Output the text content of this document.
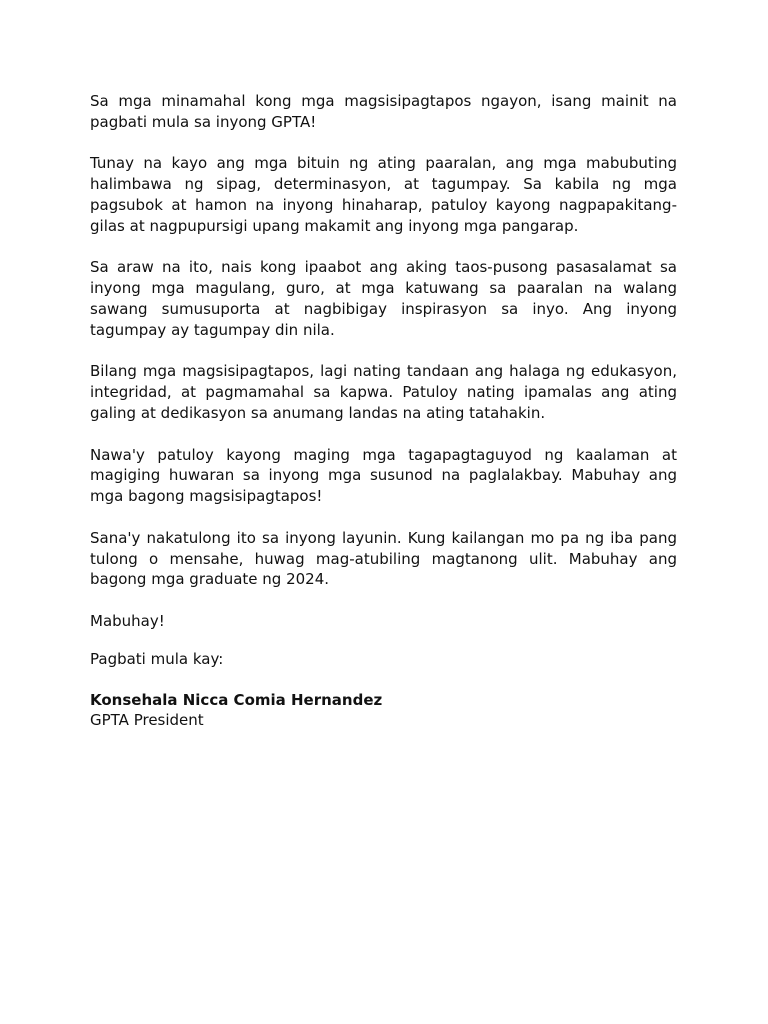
Sa mga minamahal kong mga magsisipagtapos ngayon, isang mainit na pagbati mula sa inyong GPTA!

Tunay na kayo ang mga bituin ng ating paaralan, ang mga mabubuting halimbawa ng sipag, determinasyon, at tagumpay. Sa kabila ng mga pagsubok at hamon na inyong hinaharap, patuloy kayong nagpapakitang-gilas at nagpupursigi upang makamit ang inyong mga pangarap.

Sa araw na ito, nais kong ipaabot ang aking taos-pusong pasasalamat sa inyong mga magulang, guro, at mga katuwang sa paaralan na walang sawang sumusuporta at nagbibigay inspirasyon sa inyo. Ang inyong tagumpay ay tagumpay din nila.

Bilang mga magsisipagtapos, lagi nating tandaan ang halaga ng edukasyon, integridad, at pagmamahal sa kapwa. Patuloy nating ipamalas ang ating galing at dedikasyon sa anumang landas na ating tatahakin.

Nawa'y patuloy kayong maging mga tagapagtaguyod ng kaalaman at magiging huwaran sa inyong mga susunod na paglalakbay. Mabuhay ang mga bagong magsisipagtapos!

Sana'y nakatulong ito sa inyong layunin. Kung kailangan mo pa ng iba pang tulong o mensahe, huwag mag-atubiling magtanong ulit. Mabuhay ang bagong mga graduate ng 2024.

Mabuhay!

Pagbati mula kay:

Konsehala Nicca Comia Hernandez

GPTA President
